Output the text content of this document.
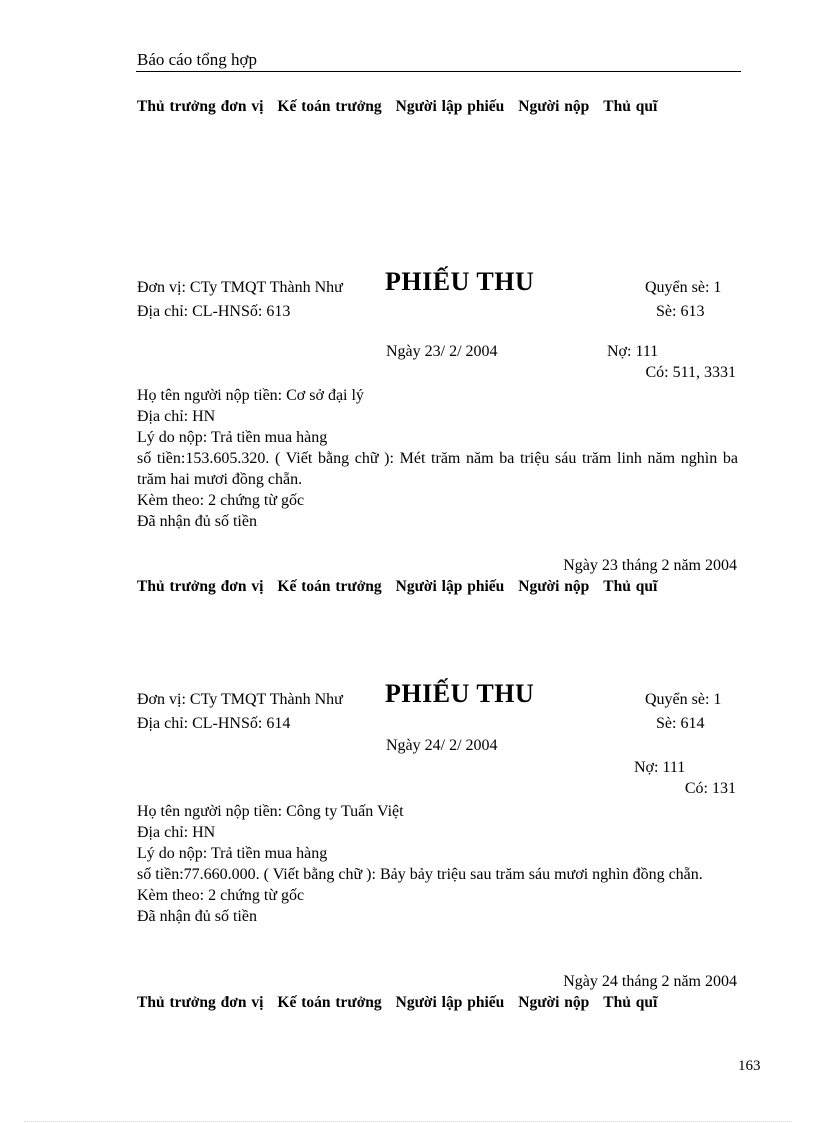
Báo cáo tổng hợp
Thủ trưởng đơn vị Kế toán trưởng Người lập phiếu Người nộp Thủ quĩ
Đơn vị: CTy TMQT Thành Như PHIẾU THU	Quyển sè: 1
Địa chỉ: CL-HNSố: 613	Sè: 613
Ngày 23/ 2/ 2004	Nợ: 111
Có: 511, 3331
Họ tên người nộp tiền: Cơ sở đại lý
Địa chỉ: HN
Lý do nộp: Trả tiền mua hàng
số tiền:153.605.320. ( Viết bằng chữ ): Mét trăm năm ba triệu sáu trăm linh năm nghìn ba trăm hai mươi đồng chẵn.
Kèm theo: 2 chứng từ gốc
Đã nhận đủ số tiền
Ngày 23 tháng 2 năm 2004
Thủ trưởng đơn vị Kế toán trưởng Người lập phiếu Người nộp Thủ quĩ
Đơn vị: CTy TMQT Thành Như PHIẾU THU	Quyển sè: 1
Địa chỉ: CL-HNSố: 614	Sè: 614
Ngày 24/ 2/ 2004
Nợ: 111
Có: 131
Họ tên người nộp tiền: Công ty Tuấn Việt
Địa chỉ: HN
Lý do nộp: Trả tiền mua hàng
số tiền:77.660.000. ( Viết bằng chữ ): Bảy bảy triệu sau trăm sáu mươi nghìn đồng chẵn.
Kèm theo: 2 chứng từ gốc
Đã nhận đủ số tiền
Ngày 24 tháng 2 năm 2004
Thủ trưởng đơn vị Kế toán trưởng Người lập phiếu Người nộp Thủ quĩ
163
